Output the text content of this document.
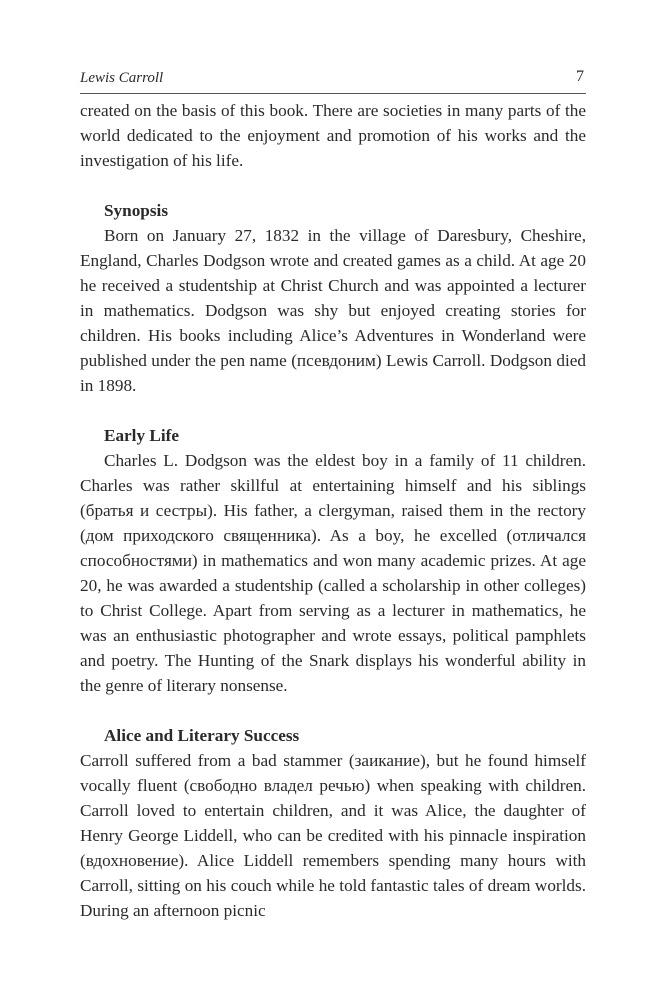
Lewis Carroll	7

created on the basis of this book. There are societies in many parts of the world dedicated to the enjoyment and promotion of his works and the investigation of his life.

Synopsis

Born on January 27, 1832 in the village of Daresbury, Cheshire, England, Charles Dodgson wrote and created games as a child. At age 20 he received a studentship at Christ Church and was appointed a lecturer in mathematics. Dodgson was shy but enjoyed creating stories for children. His books including Alice’s Adventures in Wonderland were published under the pen name (псевдоним) Lewis Carroll. Dodgson died in 1898.

Early Life

Charles L. Dodgson was the eldest boy in a family of 11 children. Charles was rather skillful at entertaining himself and his siblings (братья и сестры). His father, a clergyman, raised them in the rectory (дом приходского священника). As a boy, he excelled (отличался способностями) in mathematics and won many academic prizes. At age 20, he was awarded a studentship (called a scholarship in other colleges) to Christ College. Apart from serving as a lecturer in mathematics, he was an enthusiastic photographer and wrote essays, political pamphlets and poetry. The Hunting of the Snark displays his wonderful ability in the genre of literary nonsense.

Alice and Literary Success

Carroll suffered from a bad stammer (заикание), but he found himself vocally fluent (свободно владел речью) when speaking with children. Carroll loved to entertain children, and it was Alice, the daughter of Henry George Liddell, who can be credited with his pinnacle inspiration (вдохновение). Alice Liddell remembers spending many hours with Carroll, sitting on his couch while he told fantastic tales of dream worlds. During an afternoon picnic
